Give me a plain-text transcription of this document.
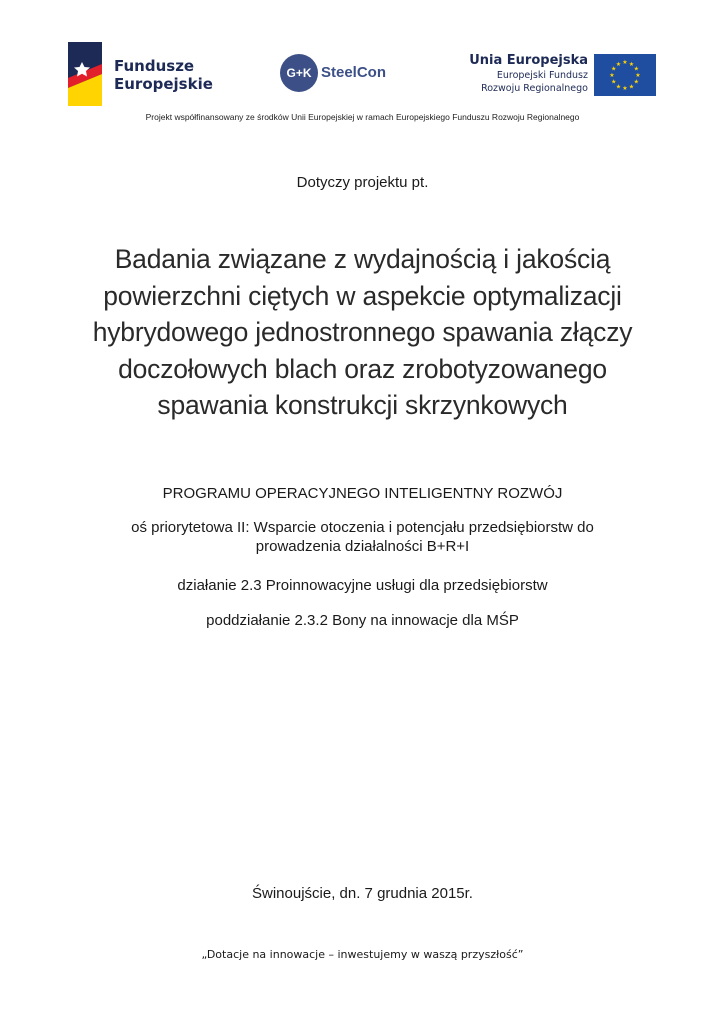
Fundusze
Europejskie
G+K SteelCon
Unia Europejska
Europejski Fundusz
Rozwoju Regionalnego
★ ★
★
★
★
★
★
★
★
★
★
★
Projekt współfinansowany ze środków Unii Europejskiej w ramach Europejskiego Funduszu Rozwoju Regionalnego
Dotyczy projektu pt.
Badania związane z wydajnością i jakością
powierzchni ciętych w aspekcie optymalizacji
hybrydowego jednostronnego spawania złączy
doczołowych blach oraz zrobotyzowanego
spawania konstrukcji skrzynkowych
PROGRAMU OPERACYJNEGO INTELIGENTNY ROZWÓJ
oś priorytetowa II: Wsparcie otoczenia i potencjału przedsiębiorstw do
prowadzenia działalności B+R+I
działanie 2.3 Proinnowacyjne usługi dla przedsiębiorstw
poddziałanie 2.3.2 Bony na innowacje dla MŚP
Świnoujście, dn. 7 grudnia 2015r.
„Dotacje na innowacje – inwestujemy w waszą przyszłość”
